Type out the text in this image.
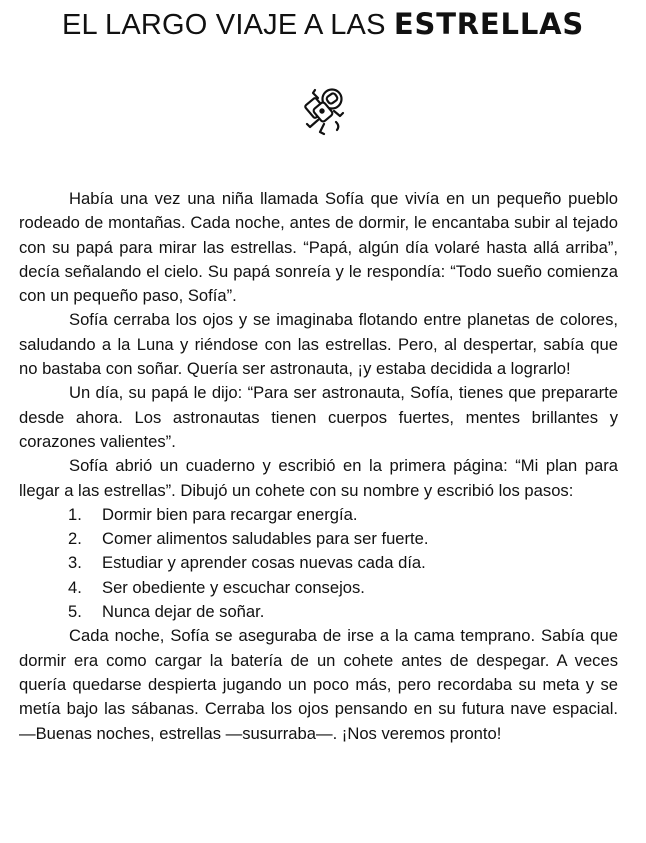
EL LARGO VIAJE A LAS ESTRELLAS

Había una vez una niña llamada Sofía que vivía en un pequeño pueblo rodeado de montañas. Cada noche, antes de dormir, le encantaba subir al tejado con su papá para mirar las estrellas. “Papá, algún día volaré hasta allá arriba”, decía señalando el cielo. Su papá sonreía y le respondía: “Todo sueño comienza con un pequeño paso, Sofía”.

Sofía cerraba los ojos y se imaginaba flotando entre planetas de colores, saludando a la Luna y riéndose con las estrellas. Pero, al despertar, sabía que no bastaba con soñar. Quería ser astronauta, ¡y estaba decidida a lograrlo!

Un día, su papá le dijo: “Para ser astronauta, Sofía, tienes que prepararte desde ahora. Los astronautas tienen cuerpos fuertes, mentes brillantes y corazones valientes”.

Sofía abrió un cuaderno y escribió en la primera página: “Mi plan para llegar a las estrellas”. Dibujó un cohete con su nombre y escribió los pasos:

1.	Dormir bien para recargar energía.
2.	Comer alimentos saludables para ser fuerte.
3.	Estudiar y aprender cosas nuevas cada día.
4.	Ser obediente y escuchar consejos.
5.	Nunca dejar de soñar.

Cada noche, Sofía se aseguraba de irse a la cama temprano. Sabía que dormir era como cargar la batería de un cohete antes de despegar. A veces quería quedarse despierta jugando un poco más, pero recordaba su meta y se metía bajo las sábanas. Cerraba los ojos pensando en su futura nave espacial. —Buenas noches, estrellas —susurraba—. ¡Nos veremos pronto!
